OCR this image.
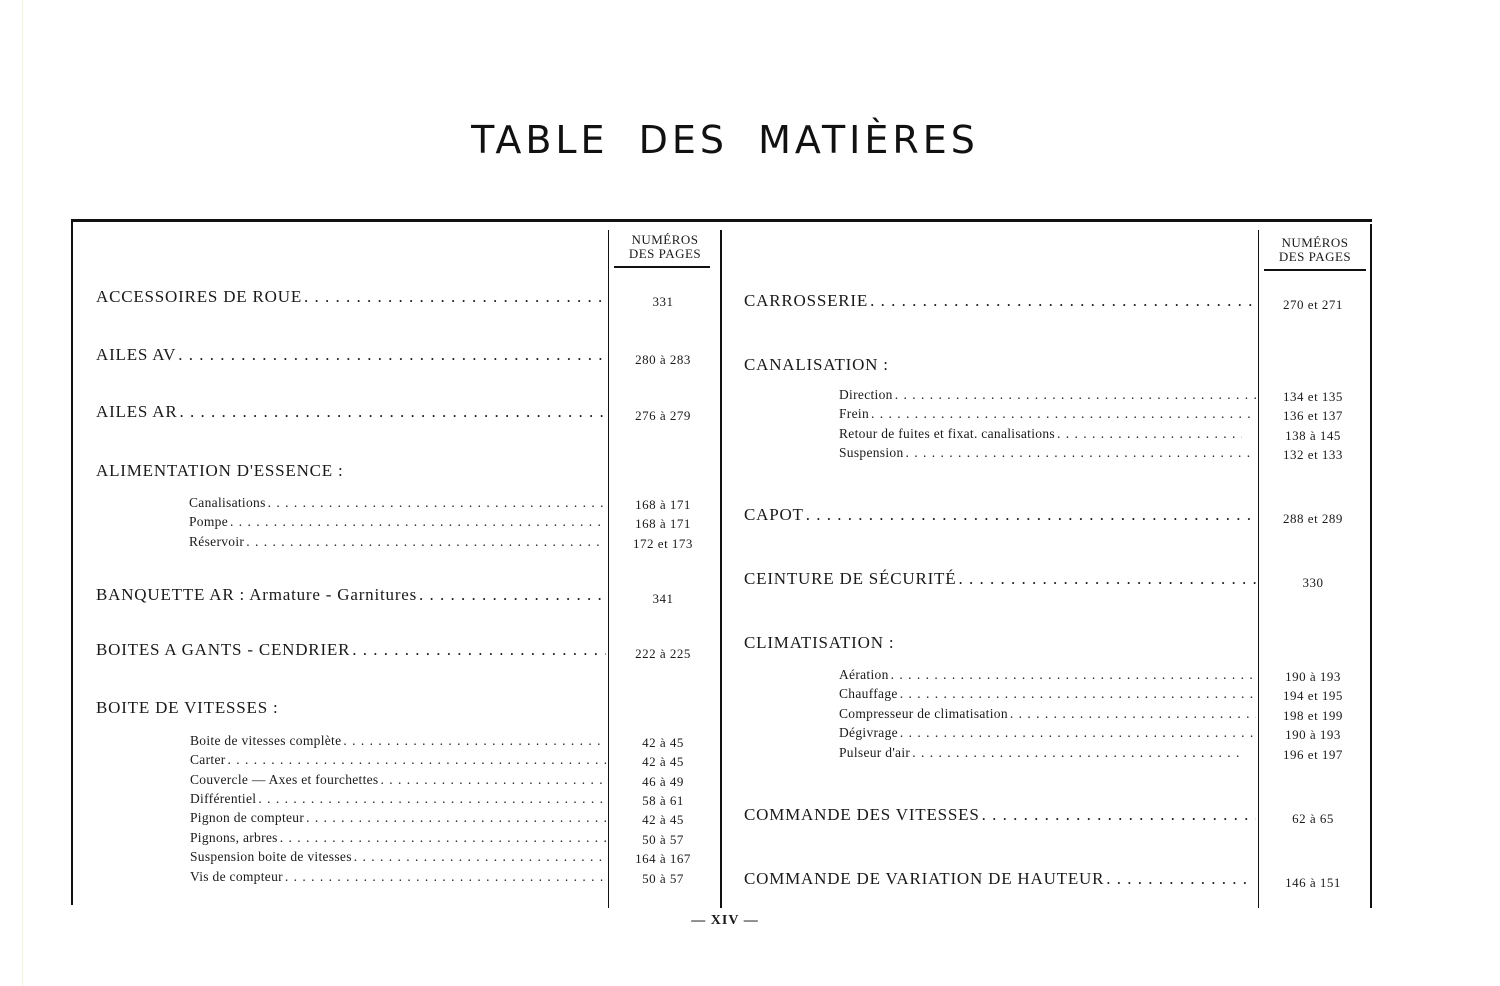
TABLE DES MATIÈRES
NUMÉROS
DES PAGES
NUMÉROS
DES PAGES
ACCESSOIRES DE ROUE . . .	331
AILES AV . . .	280 à 283
AILES AR . . .	276 à 279
ALIMENTATION D'ESSENCE :
Canalisations . . .	168 à 171
Pompe . . .	168 à 171
Réservoir . . .	172 et 173
BANQUETTE AR : Armature - Garnitures . . .	341
BOITES A GANTS - CENDRIER . . .	222 à 225
BOITE DE VITESSES :
Boite de vitesses complète . . .	42 à 45
Carter . . .	42 à 45
Couvercle — Axes et fourchettes . . .	46 à 49
Différentiel . . .	58 à 61
Pignon de compteur . . .	42 à 45
Pignons, arbres . . .	50 à 57
Suspension boite de vitesses . . .	164 à 167
Vis de compteur . . .	50 à 57
CARROSSERIE . . .	270 et 271
CANALISATION :
Direction . . .	134 et 135
Frein . . .	136 et 137
Retour de fuites et fixat. canalisations . . .	138 à 145
Suspension . . .	132 et 133
CAPOT . . .	288 et 289
CEINTURE DE SÉCURITÉ . . .	330
CLIMATISATION :
Aération . . .	190 à 193
Chauffage . . .	194 et 195
Compresseur de climatisation . . .	198 et 199
Dégivrage . . .	190 à 193
Pulseur d'air . . .	196 et 197
COMMANDE DES VITESSES . . .	62 à 65
COMMANDE DE VARIATION DE HAUTEUR . . .	146 à 151
— XIV —
